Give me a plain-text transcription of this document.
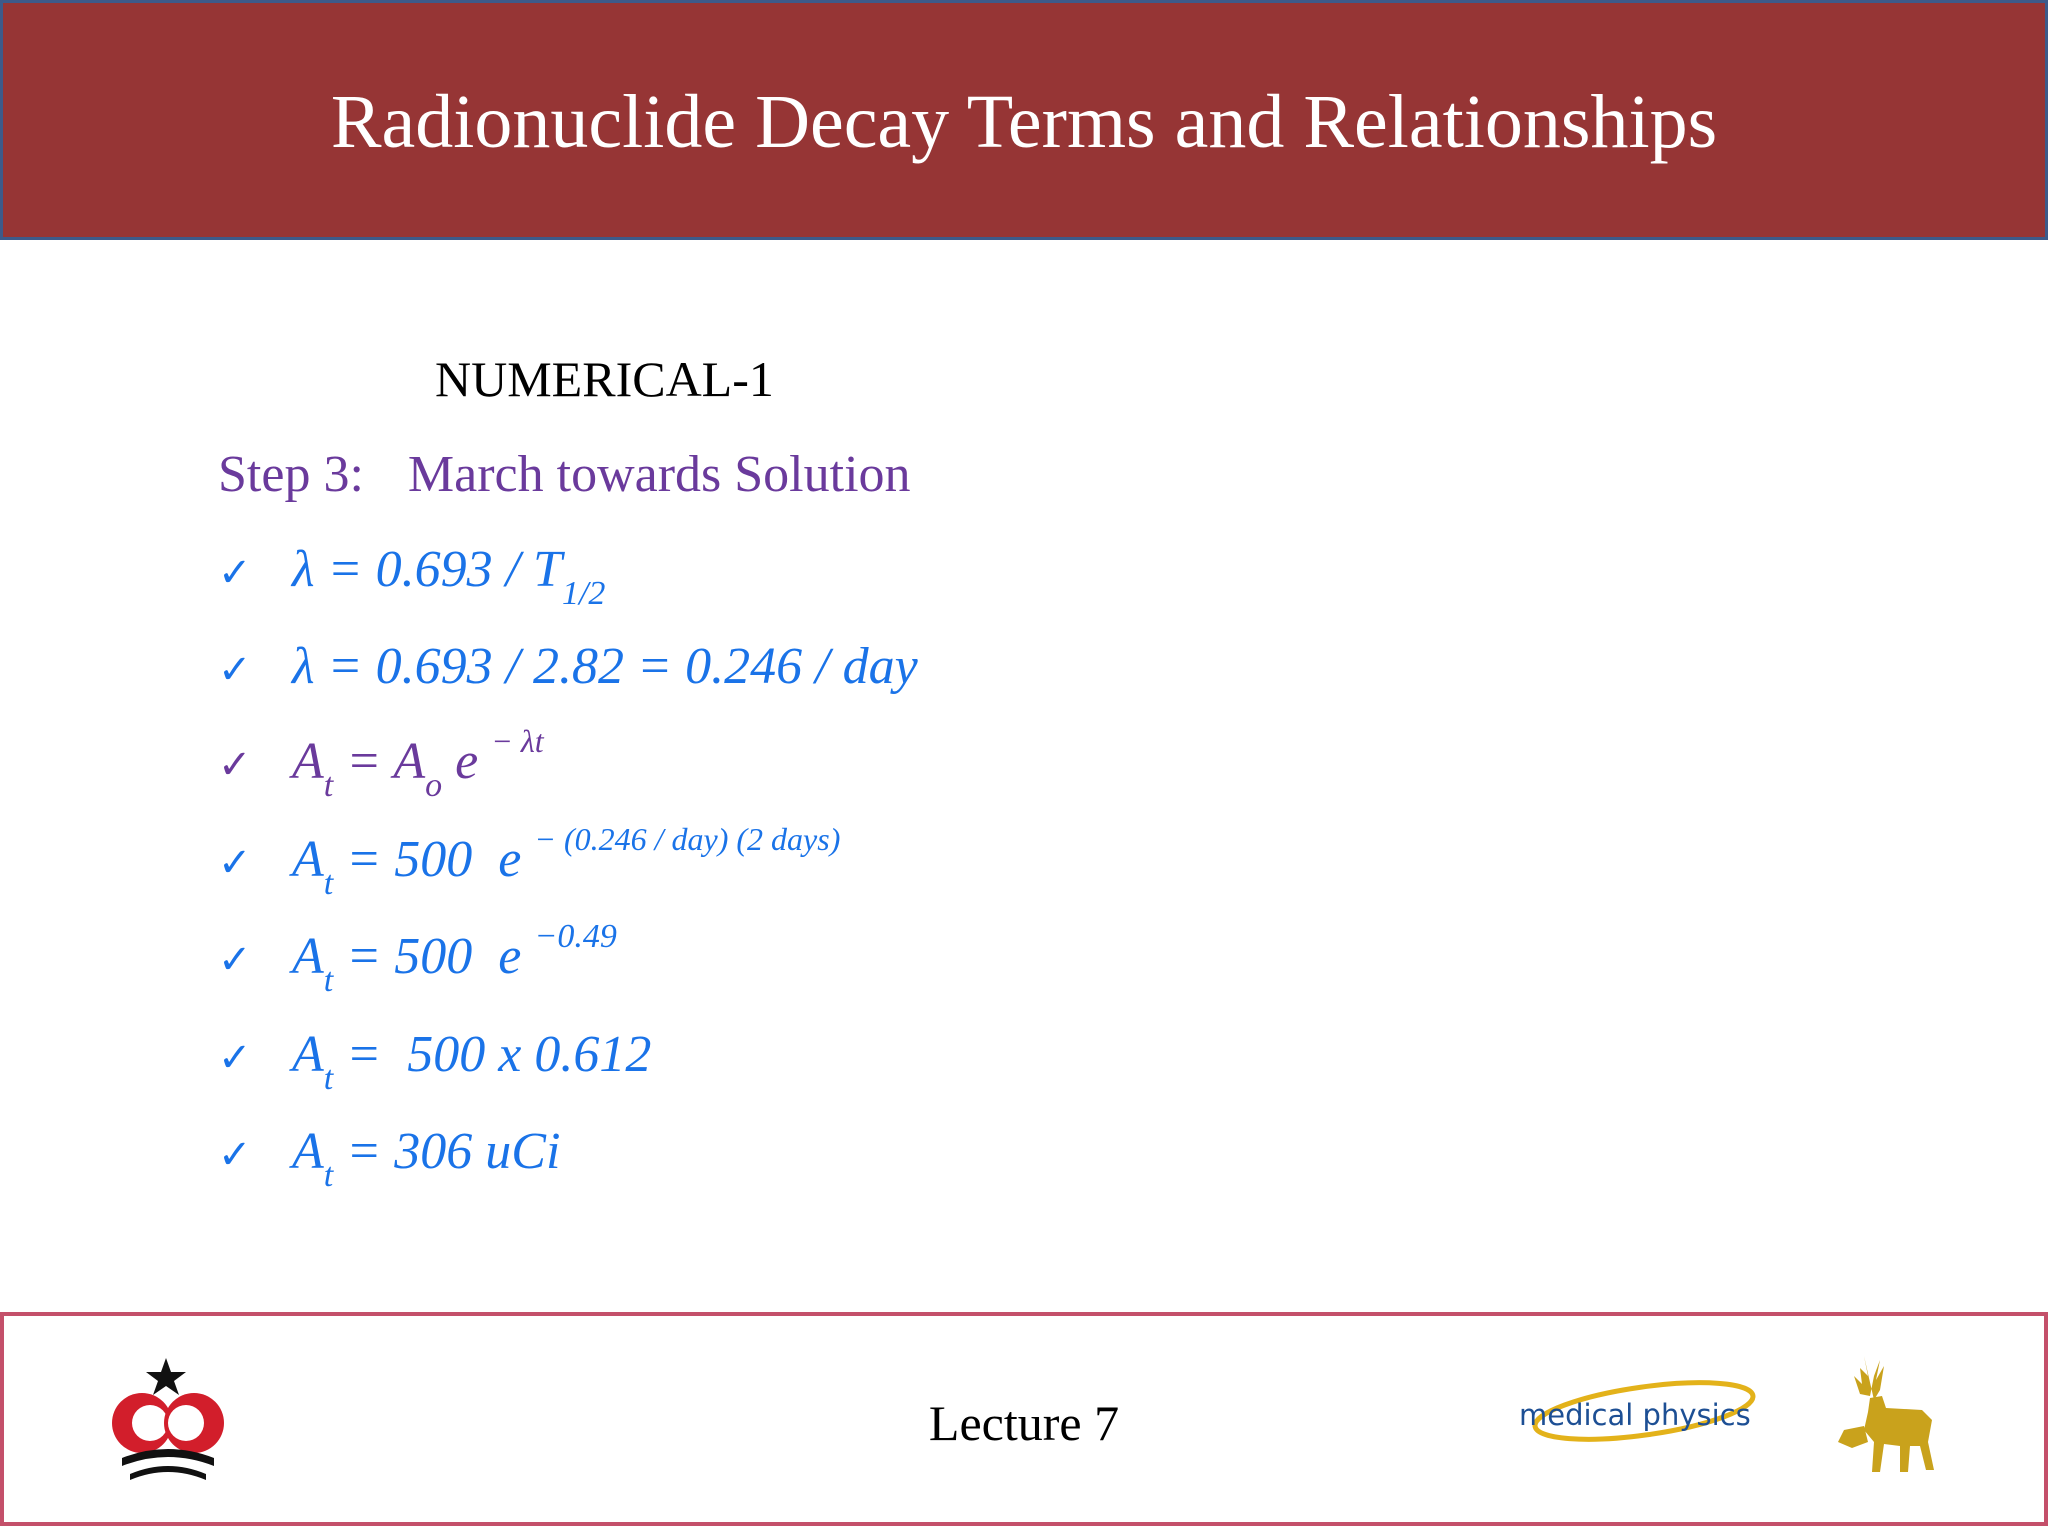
Radionuclide Decay Terms and Relationships
NUMERICAL-1
Step 3: March towards Solution
✓ λ = 0.693 / T 1/2
✓ λ = 0.693 / 2.82 = 0.246 / day
✓ A t = A o e − λt
✓ A t = 500  e − (0.246 / day) (2 days)
✓ A t = 500  e −0.49
✓ A t =  500 x 0.612
✓ A t = 306 uCi
Lecture 7	medical physics
